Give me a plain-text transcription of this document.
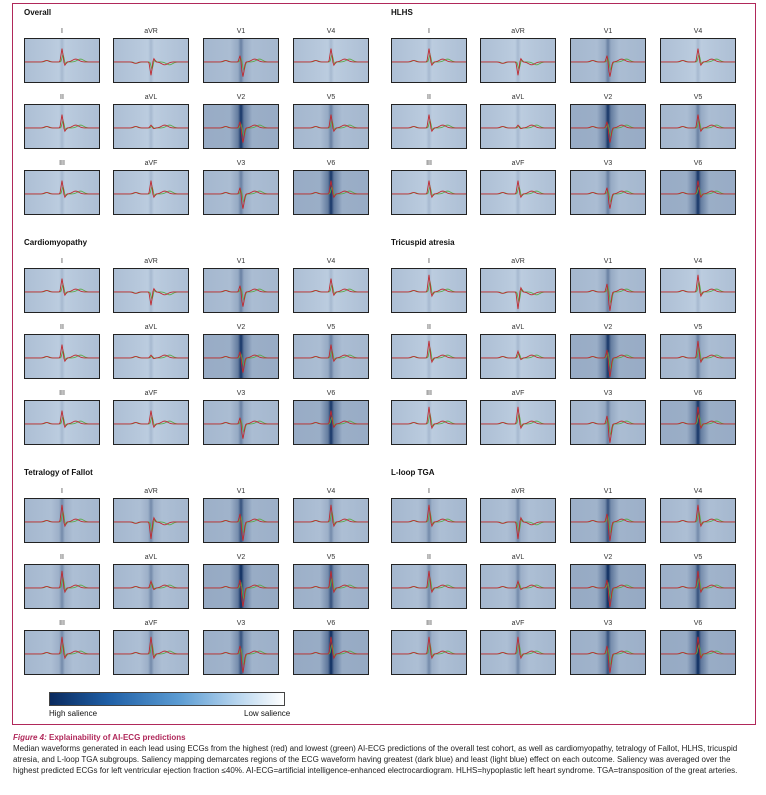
Overall
I	aVR	V1	V4
II	aVL	V2	V5
III	aVF	V3	V6
HLHS
I	aVR	V1	V4
II	aVL	V2	V5
III	aVF	V3	V6
Cardiomyopathy
I	aVR	V1	V4
II	aVL	V2	V5
III	aVF	V3	V6
Tricuspid atresia
I	aVR	V1	V4
II	aVL	V2	V5
III	aVF	V3	V6
Tetralogy of Fallot
I	aVR	V1	V4
II	aVL	V2	V5
III	aVF	V3	V6
L-loop TGA
I	aVR	V1	V4
II	aVL	V2	V5
III	aVF	V3	V6
High salience	Low salience
Figure 4: Explainability of AI-ECG predictions
Median waveforms generated in each lead using ECGs from the highest (red) and lowest (green) AI-ECG predictions of the overall test cohort, as well as cardiomyopathy, tetralogy of Fallot, HLHS, tricuspid atresia, and L-loop TGA subgroups. Saliency mapping demarcates regions of the ECG waveform having greatest (dark blue) and least (light blue) effect on each outcome. Saliency was averaged over the highest predicted ECGs for left ventricular ejection fraction ≤40%. AI-ECG=artificial intelligence-enhanced electrocardiogram. HLHS=hypoplastic left heart syndrome. TGA=transposition of the great arteries.
